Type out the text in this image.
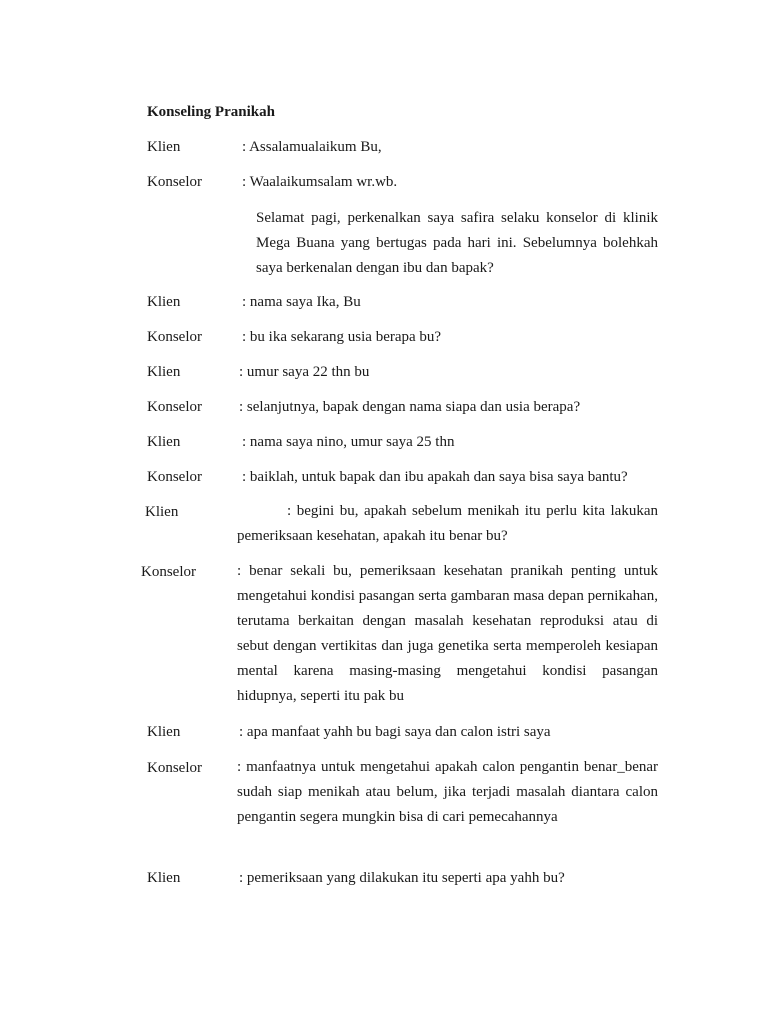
Konseling Pranikah
Klien	: Assalamualaikum Bu,
Konselor	: Waalaikumsalam wr.wb.
Selamat pagi, perkenalkan saya safira selaku konselor di klinik Mega Buana yang bertugas pada hari ini. Sebelumnya bolehkah saya berkenalan dengan ibu dan bapak?
Klien	: nama saya Ika, Bu
Konselor	: bu ika sekarang usia berapa bu?
Klien	: umur saya 22 thn bu
Konselor : selanjutnya, bapak dengan nama siapa dan usia berapa?
Klien	: nama saya nino, umur saya 25 thn
Konselor	: baiklah, untuk bapak dan ibu apakah dan saya bisa saya bantu?
Klien	: begini bu, apakah sebelum menikah itu perlu kita lakukan
pemeriksaan kesehatan, apakah itu benar bu?
Konselor	: benar sekali bu, pemeriksaan kesehatan pranikah penting untuk mengetahui kondisi pasangan serta gambaran masa depan pernikahan, terutama berkaitan dengan masalah kesehatan reproduksi atau di sebut dengan vertikitas dan juga genetika serta memperoleh kesiapan mental karena masing-masing mengetahui kondisi pasangan hidupnya, seperti itu pak bu
Klien	: apa manfaat yahh bu bagi saya dan calon istri saya
Konselor : manfaatnya untuk mengetahui apakah calon pengantin benar_benar sudah siap menikah atau belum, jika terjadi masalah diantara calon pengantin segera mungkin bisa di cari pemecahannya
Klien	: pemeriksaan yang dilakukan itu seperti apa yahh bu?
